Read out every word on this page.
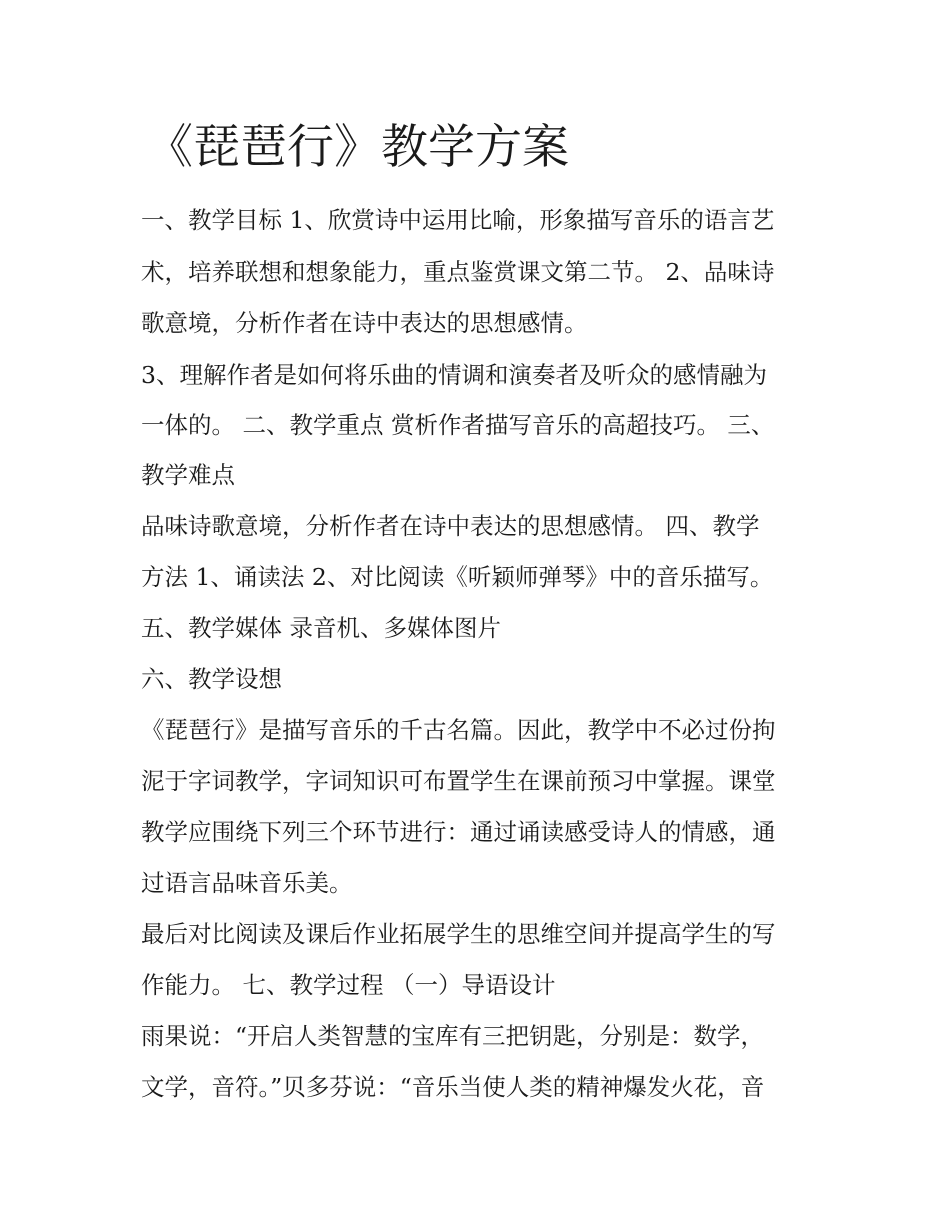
《琵琶行》教学方案
一、教学目标 1、欣赏诗中运用比喻，形象描写音乐的语言艺
术，培养联想和想象能力，重点鉴赏课文第二节。 2、品味诗
歌意境，分析作者在诗中表达的思想感情。
3、理解作者是如何将乐曲的情调和演奏者及听众的感情融为
一体的。 二、教学重点 赏析作者描写音乐的高超技巧。 三、
教学难点
品味诗歌意境，分析作者在诗中表达的思想感情。 四、教学
方法 1、诵读法 2、对比阅读《听颖师弹琴》中的音乐描写。
五、教学媒体 录音机、多媒体图片
六、教学设想
《琵琶行》是描写音乐的千古名篇。因此，教学中不必过份拘
泥于字词教学，字词知识可布置学生在课前预习中掌握。课堂
教学应围绕下列三个环节进行：通过诵读感受诗人的情感，通
过语言品味音乐美。
最后对比阅读及课后作业拓展学生的思维空间并提高学生的写
作能力。 七、教学过程 （一）导语设计
雨果说：“开启人类智慧的宝库有三把钥匙，分别是：数学，
文学，音符。”贝多芬说：“音乐当使人类的精神爆发火花，音
